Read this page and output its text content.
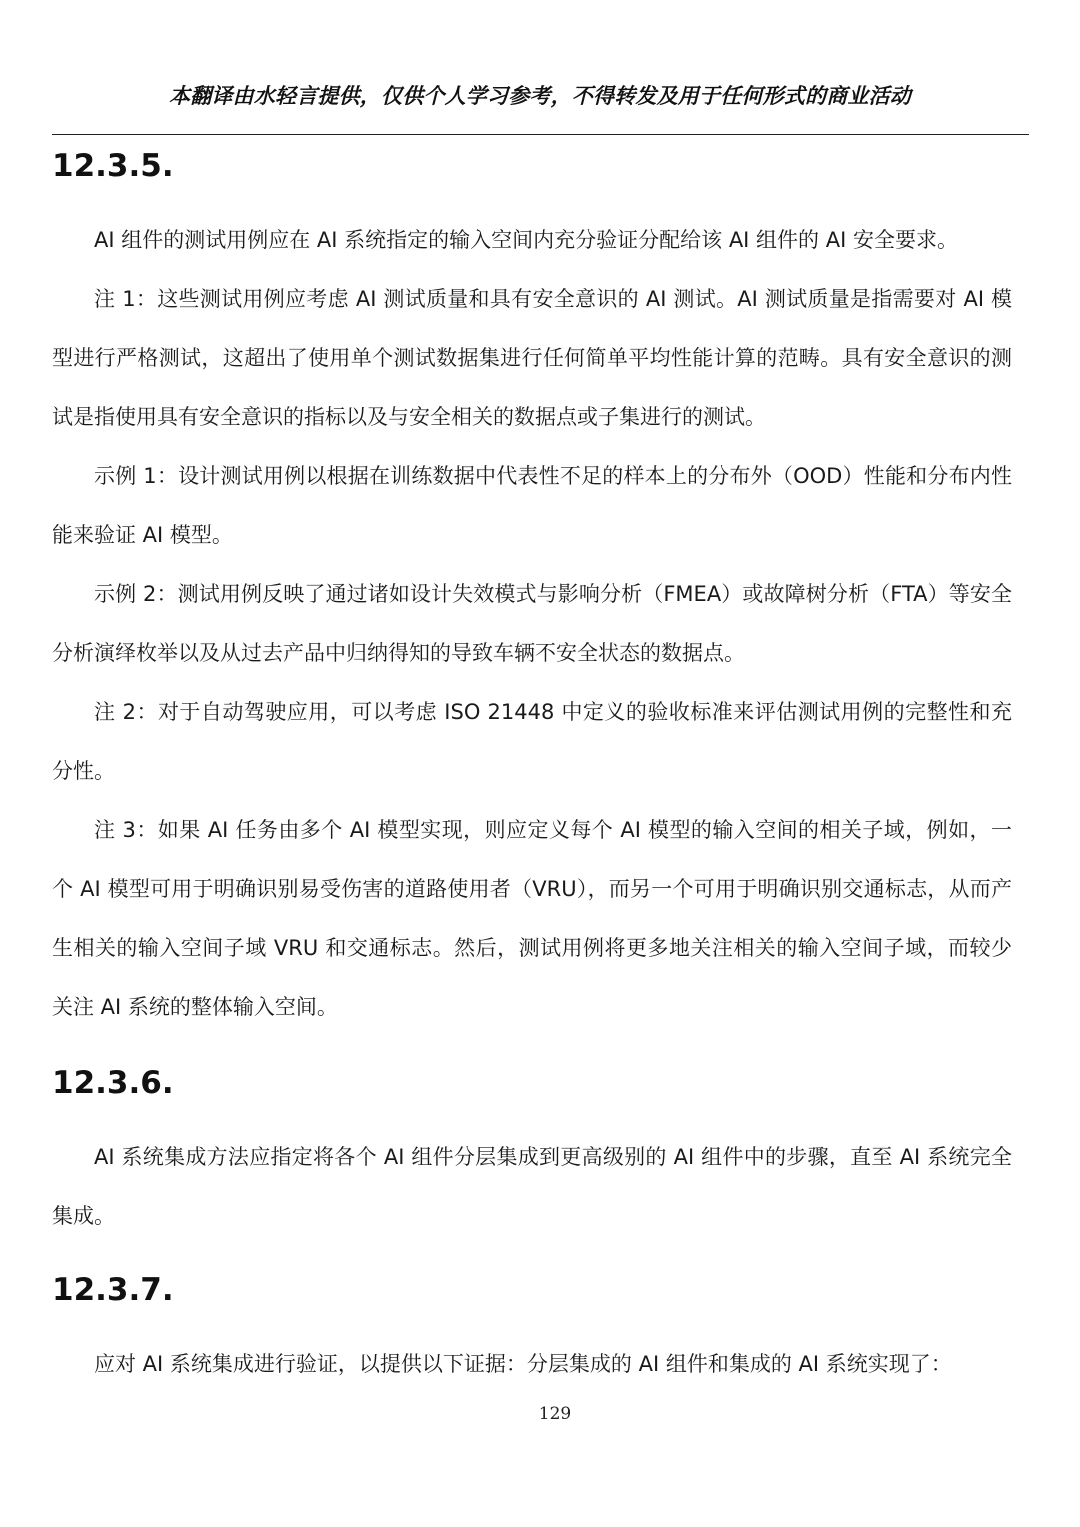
本翻译由水轻言提供，仅供个人学习参考，不得转发及用于任何形式的商业活动
12.3.5.

AI 组件的测试用例应在 AI 系统指定的输入空间内充分验证分配给该 AI 组件的 AI 安全要求。

注 1：这些测试用例应考虑 AI 测试质量和具有安全意识的 AI 测试。AI 测试质量是指需要对 AI 模型进行严格测试，这超出了使用单个测试数据集进行任何简单平均性能计算的范畴。具有安全意识的测试是指使用具有安全意识的指标以及与安全相关的数据点或子集进行的测试。

示例 1：设计测试用例以根据在训练数据中代表性不足的样本上的分布外（OOD）性能和分布内性能来验证 AI 模型。

示例 2：测试用例反映了通过诸如设计失效模式与影响分析（FMEA）或故障树分析（FTA）等安全分析演绎枚举以及从过去产品中归纳得知的导致车辆不安全状态的数据点。

注 2：对于自动驾驶应用，可以考虑 ISO 21448 中定义的验收标准来评估测试用例的完整性和充分性。

注 3：如果 AI 任务由多个 AI 模型实现，则应定义每个 AI 模型的输入空间的相关子域，例如，一个 AI 模型可用于明确识别易受伤害的道路使用者（VRU），而另一个可用于明确识别交通标志，从而产生相关的输入空间子域 VRU 和交通标志。然后，测试用例将更多地关注相关的输入空间子域，而较少关注 AI 系统的整体输入空间。

12.3.6.

AI 系统集成方法应指定将各个 AI 组件分层集成到更高级别的 AI 组件中的步骤，直至 AI 系统完全集成。

12.3.7.

应对 AI 系统集成进行验证，以提供以下证据：分层集成的 AI 组件和集成的 AI 系统实现了：

129
